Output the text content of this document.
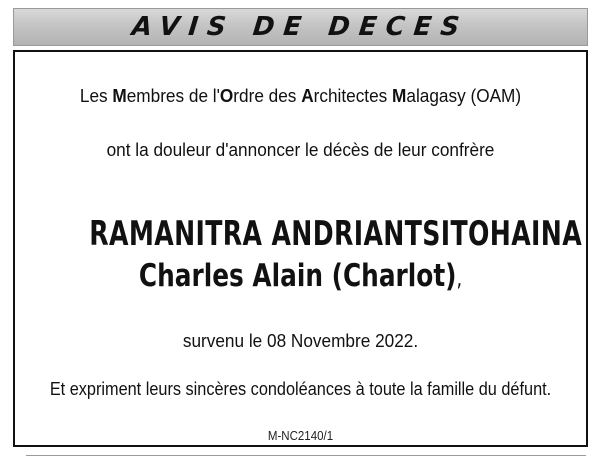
AVIS DE DECES
Les Membres de l'Ordre des Architectes Malagasy (OAM)
ont la douleur d'annoncer le décès de leur confrère
RAMANITRA ANDRIANTSITOHAINA
Charles Alain (Charlot),
survenu le 08 Novembre 2022.
Et expriment leurs sincères condoléances à toute la famille du défunt.
M-NC2140/1
